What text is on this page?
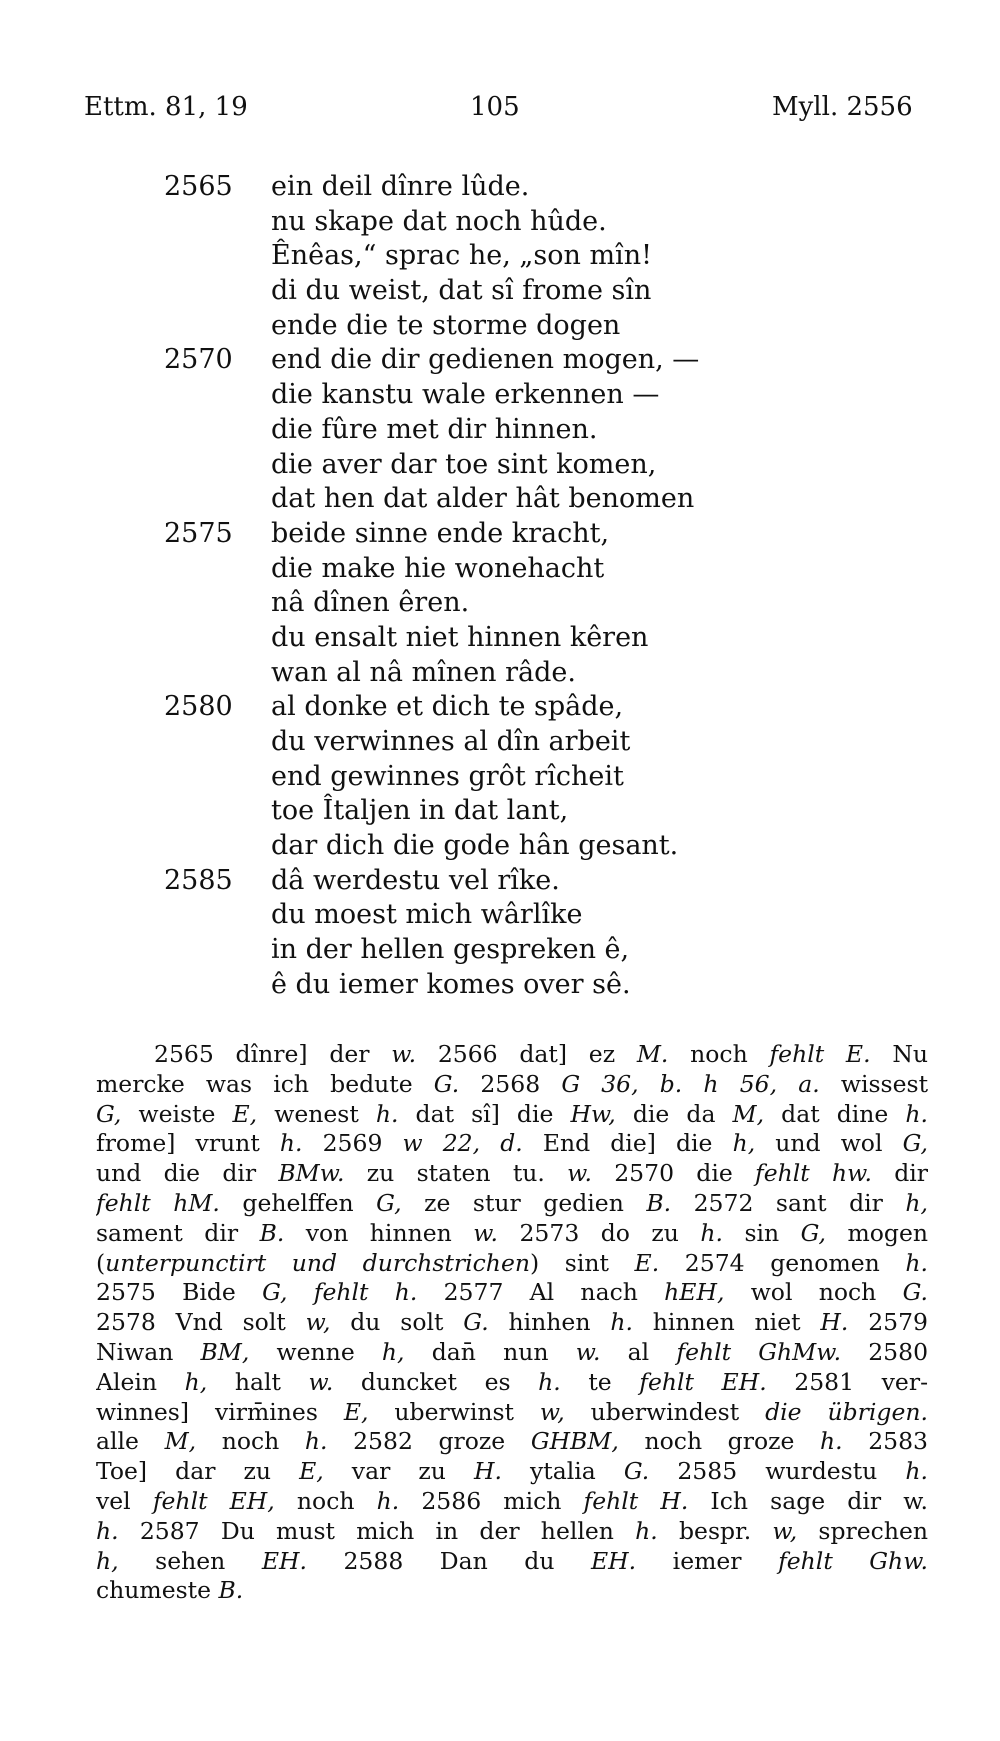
Ettm. 81, 19	105	Myll. 2556
2565	ein deil dînre lûde.
nu skape dat noch hûde.
Ênêas,“ sprac he, „son mîn!
di du weist, dat sî frome sîn
ende die te storme dogen
2570	end die dir gedienen mogen, —
die kanstu wale erkennen —
die fûre met dir hinnen.
die aver dar toe sint komen,
dat hen dat alder hât benomen
2575	beide sinne ende kracht,
die make hie wonehacht
nâ dînen êren.
du ensalt niet hinnen kêren
wan al nâ mînen râde.
2580	al donke et dich te spâde,
du verwinnes al dîn arbeit
end gewinnes grôt rîcheit
toe Îtaljen in dat lant,
dar dich die gode hân gesant.
2585	dâ werdestu vel rîke.
du moest mich wârlîke
in der hellen gespreken ê,
ê du iemer komes over sê.
2565 dînre] der w. 2566 dat] ez M. noch fehlt E. Nu
mercke was ich bedute G. 2568 G 36, b. h 56, a. wissest
G, weiste E, wenest h. dat sî] die Hw, die da M, dat dine h.
frome] vrunt h. 2569 w 22, d. End die] die h, und wol G,
und die dir BMw. zu staten tu. w. 2570 die fehlt hw. dir
fehlt hM. gehelffen G, ze stur gedien B. 2572 sant dir h,
sament dir B. von hinnen w. 2573 do zu h. sin G, mogen
(unterpunctirt und durchstrichen) sint E. 2574 genomen h.
2575 Bide G, fehlt h. 2577 Al nach hEH, wol noch G.
2578 Vnd solt w, du solt G. hinhen h. hinnen niet H. 2579
Niwan BM, wenne h, dan̄ nun w. al fehlt GhMw. 2580
Alein h, halt w. duncket es h. te fehlt EH. 2581 ver-
winnes] virm̄ines E, uberwinst w, uberwindest die übrigen.
alle M, noch h. 2582 groze GHBM, noch groze h. 2583
Toe] dar zu E, var zu H. ytalia G. 2585 wurdestu h.
vel fehlt EH, noch h. 2586 mich fehlt H. Ich sage dir w.
h. 2587 Du must mich in der hellen h. bespr. w, sprechen
h, sehen EH. 2588 Dan du EH. iemer fehlt Ghw.
chumeste B.
